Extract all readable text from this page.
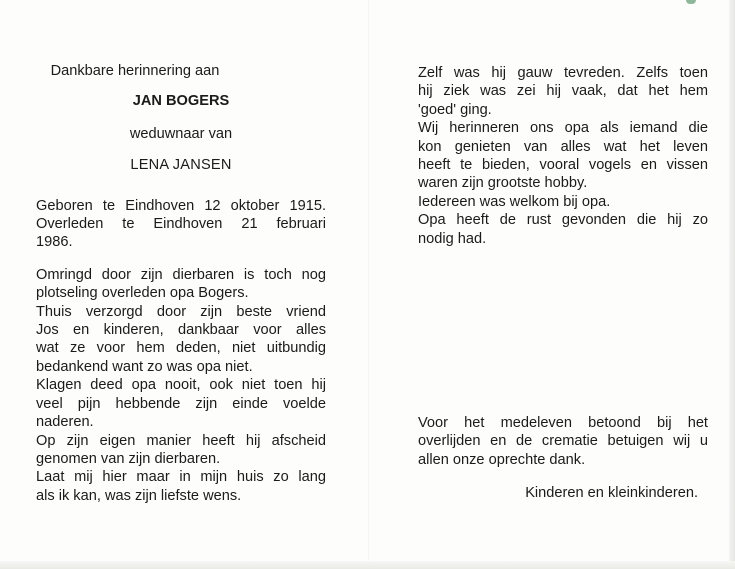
Dankbare herinnering aan
JAN BOGERS
weduwnaar van
LENA JANSEN
Geboren te Eindhoven 12 oktober 1915.
Overleden te Eindhoven 21 februari
1986.
Omringd door zijn dierbaren is toch nog
plotseling overleden opa Bogers.
Thuis verzorgd door zijn beste vriend
Jos en kinderen, dankbaar voor alles
wat ze voor hem deden, niet uitbundig
bedankend want zo was opa niet.
Klagen deed opa nooit, ook niet toen hij
veel pijn hebbende zijn einde voelde
naderen.
Op zijn eigen manier heeft hij afscheid
genomen van zijn dierbaren.
Laat mij hier maar in mijn huis zo lang
als ik kan, was zijn liefste wens.
Zelf was hij gauw tevreden. Zelfs toen
hij ziek was zei hij vaak, dat het hem
'goed' ging.
Wij herinneren ons opa als iemand die
kon genieten van alles wat het leven
heeft te bieden, vooral vogels en vissen
waren zijn grootste hobby.
Iedereen was welkom bij opa.
Opa heeft de rust gevonden die hij zo
nodig had.
Voor het medeleven betoond bij het
overlijden en de crematie betuigen wij u
allen onze oprechte dank.
Kinderen en kleinkinderen.
